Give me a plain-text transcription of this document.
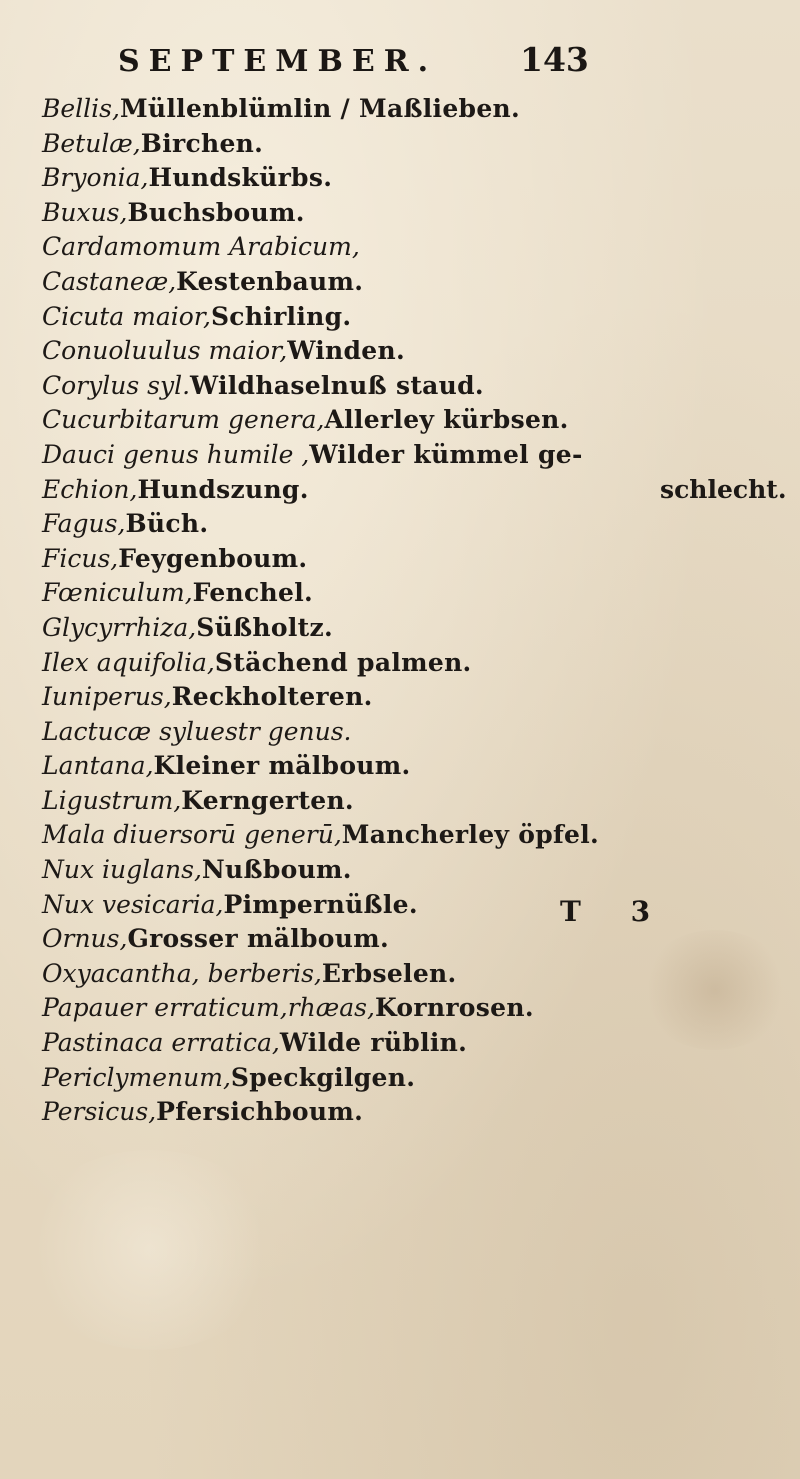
SEPTEMBER.	143
Bellis,Müllenblümlin / Maßlieben.
Betulæ,Birchen.
Bryonia,Hundskürbs.
Buxus,Buchsboum.
Cardamomum Arabicum,
Castaneæ,Kestenbaum.
Cicuta maior,Schirling.
Conuoluulus maior,Winden.
Corylus syl.Wildhaselnuß staud.
Cucurbitarum genera,Allerley kürbsen.
Dauci genus humile ,Wilder kümmel ge-
Echion,Hundszung.	schlecht.
Fagus,Büch.
Ficus,Feygenboum.
Fœniculum,Fenchel.
Glycyrrhiza,Süßholtz.
Ilex aquifolia,Stächend palmen.
Iuniperus,Reckholteren.
Lactucæ syluestr genus.
Lantana,Kleiner mälboum.
Ligustrum,Kerngerten.
Mala diuersorū generū,Mancherley öpfel.
Nux iuglans,Nußboum.
Nux vesicaria,Pimpernüßle.
Ornus,Grosser mälboum.
Oxyacantha, berberis,Erbselen.
Papauer erraticum,rhæas,Kornrosen.
Pastinaca erratica,Wilde rüblin.
Periclymenum,Speckgilgen.
Persicus,Pfersichboum.
T 3
